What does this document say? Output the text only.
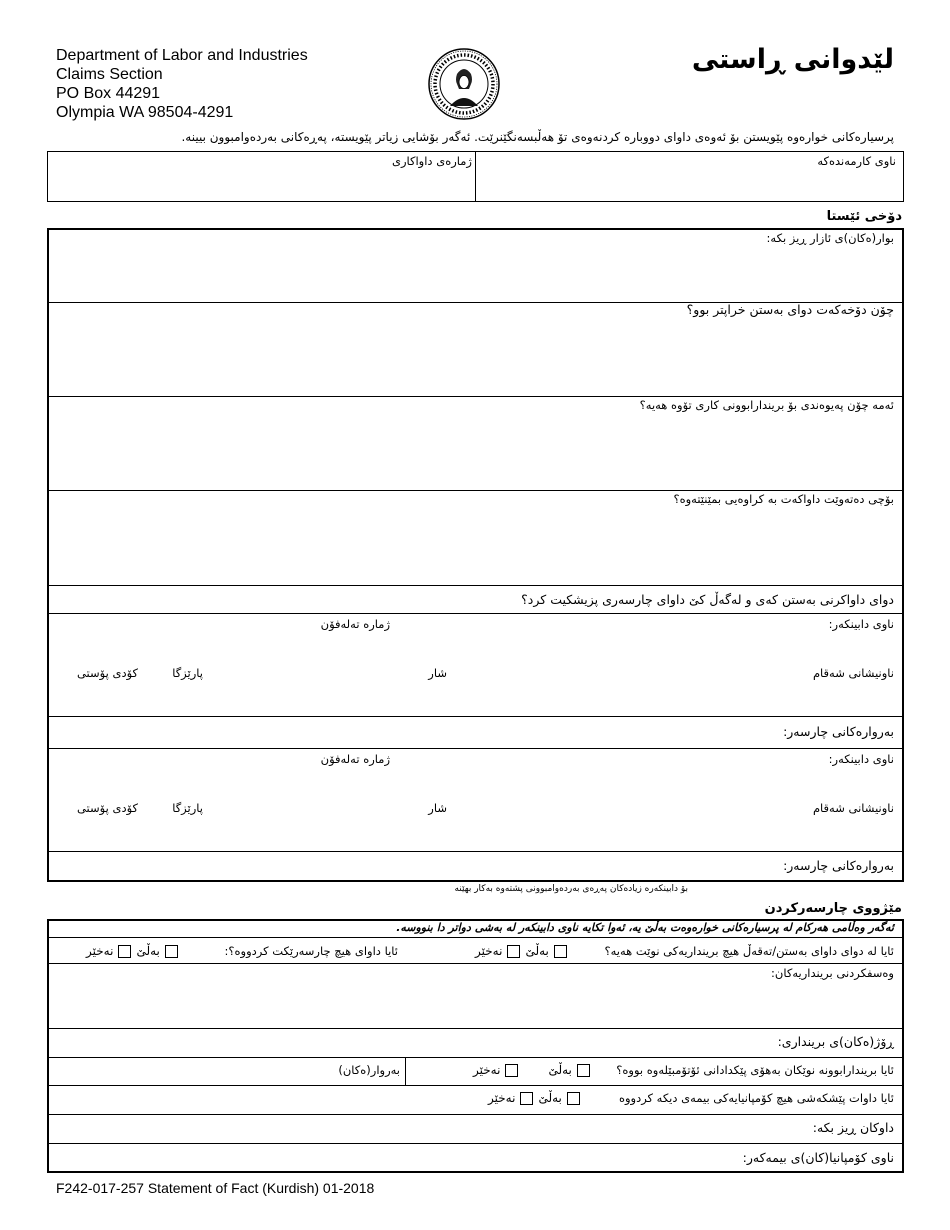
Department of Labor and Industries
Claims Section
PO Box 44291
Olympia WA 98504-4291
لێدوانی ڕاستی
پرسیارەکانی خوارەوە پێویستن بۆ ئەوەی داوای دووبارە کردنەوەی تۆ هەڵبسەنگێنرێت. ئەگەر بۆشایی زیاتر پێویستە، پەڕەکانی بەردەوامبوون بیینە.
ناوی کارمەندەکە
ژمارەی داواکاری
دۆخی ئێستا
بوار(ەکان)ی ئازار ڕیز بکە:
چۆن دۆخەکەت دوای بەستن خراپتر بوو؟
ئەمە چۆن پەیوەندی بۆ بریندارابوونی کاری تۆوە هەیە؟
بۆچی دەتەوێت داواکەت بە کراوەیی بمێنێتەوە؟
دوای داواکرنی بەستن کەی و لەگەڵ کێ داوای چارسەری پزیشکیت کرد؟
ناوی دابینکەر:
ژمارە تەلەفۆن
ناونیشانی شەقام
شار
پارێزگا
کۆدی پۆستی
بەروارەکانی چارسەر:
ناوی دابینکەر:
ژمارە تەلەفۆن
ناونیشانی شەقام
شار
پارێزگا
کۆدی پۆستی
بەروارەکانی چارسەر:
بۆ دابینکەرە زیادەکان پەڕەی بەردەوامبوونی پشتەوە بەکار بهێنە
مێژووی چارسەرکردن
ئەگەر وەڵامی هەرکام لە پرسیارەکانی خوارەوەت بەڵێ یە، ئەوا تکایە ناوی دابینکەر لە بەشی دواتر دا بنووسە.
ئایا لە دوای داوای بەستن/تەقەڵ هیچ برینداریەکی نوێت هەیە؟
نەخێر بەڵێ
ئایا داوای هیچ چارسەرێکت کردووە؟:
نەخێر بەڵێ
وەسفکردنی برینداریەکان:
ڕۆژ(ەکان)ی برینداری:
ئایا بریندارابوونە نوێکان بەهۆی پێکدادانی ئۆتۆمبێلەوە بووە؟
نەخێر	بەڵێ
بەروار(ەکان)
ئایا داوات پێشکەشی هیچ کۆمپانیایەکی بیمەی دیکە کردووە
نەخێر بەڵێ
داوکان ڕیز بکە:
ناوی کۆمپانیا(کان)ی بیمەکەر:
F242-017-257 Statement of Fact (Kurdish) 01-2018
